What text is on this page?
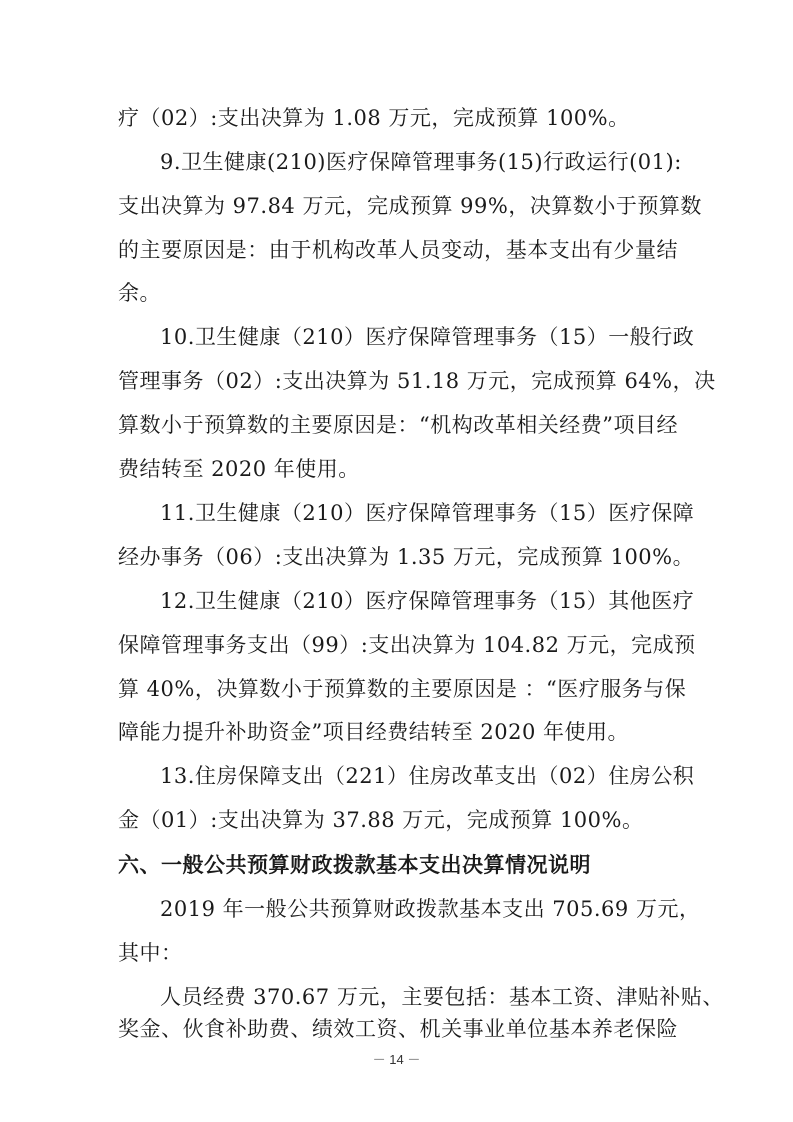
疗（02）:支出决算为 1.08 万元，完成预算 100%。
9.卫生健康(210)医疗保障管理事务(15)行政运行(01):
支出决算为 97.84 万元，完成预算 99%，决算数小于预算数
的主要原因是：由于机构改革人员变动，基本支出有少量结
余。
10.卫生健康（210）医疗保障管理事务（15）一般行政
管理事务（02）:支出决算为 51.18 万元，完成预算 64%，决
算数小于预算数的主要原因是：“机构改革相关经费”项目经
费结转至 2020 年使用。
11.卫生健康（210）医疗保障管理事务（15）医疗保障
经办事务（06）:支出决算为 1.35 万元，完成预算 100%。
12.卫生健康（210）医疗保障管理事务（15）其他医疗
保障管理事务支出（99）:支出决算为 104.82 万元，完成预
算 40%，决算数小于预算数的主要原因是 ：“医疗服务与保
障能力提升补助资金”项目经费结转至 2020 年使用。
13.住房保障支出（221）住房改革支出（02）住房公积
金（01）:支出决算为 37.88 万元，完成预算 100%。
六、一般公共预算财政拨款基本支出决算情况说明
2019 年一般公共预算财政拨款基本支出 705.69 万元，
其中：
人员经费 370.67 万元，主要包括：基本工资、津贴补贴、
奖金、伙食补助费、绩效工资、机关事业单位基本养老保险
－ 14 －
